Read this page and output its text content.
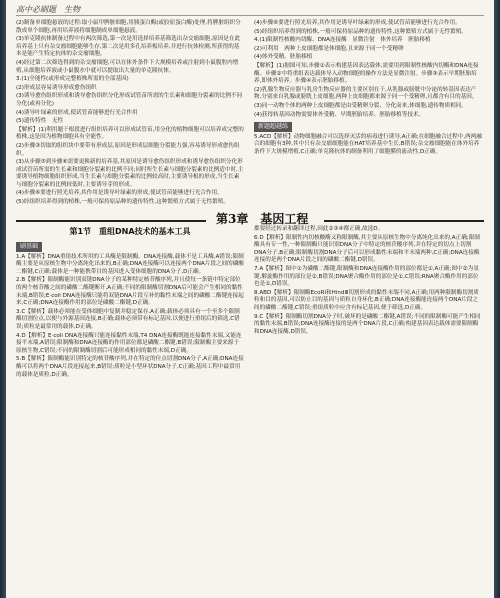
高中必刷题　生物

(2)制备单细胞悬液的过程:取小鼠甲脾脏细胞,用胰蛋白酶(或胶原蛋白酶)处理,将脾脏组织分散成单个细胞,再用培养液将细胞制成单细胞悬液。

(3)单克隆抗体制备过程中有两次筛选,第一次是用选择培养基筛选出杂交瘤细胞,原因是在此培养基上只有杂交瘤细胞能够生存,第二次是用多孔培养板培养,并进行抗体检测,所获得的基本是能产生特定抗体的杂交瘤细胞。

(4)经过第二次筛选得到的杂交瘤细胞,可以在体外条件下大规模培养或注射到小鼠腹腔内增殖,从细胞培养液或小鼠腹水中就可以提取出大量的单克隆抗体。

3.(1)全能性(或形成完整植株所需的全部基因)

(2)形成层容易诱导形成愈伤组织

(3)诱导愈伤组织形成和诱导愈伤组织分化形成试管苗所需的生长素和细胞分裂素的比例不同　分化(或再分化)

(4)诱导叶绿素的形成,使试管苗能够进行光合作用

(5)遗传特性　无性

【解析】(1)利用题干根段进行组织培养可以形成试管苗,用分化的植物细胞可以培养成完整的植株,这是因为植物细胞具有全能性。

(2)步骤③切取的组织块中要带有形成层,原因是形成层细胞分裂能力强,容易诱导形成愈伤组织。

(3)从步骤⑤到步骤⑥需要更换新的培养基,其原因是诱导愈伤组织形成和诱导愈伤组织分化形成试管苗所需的生长素和细胞分裂素的比例不同;同时所生长素与细胞分裂素的比例适中时,主要诱导植物细胞组织形成,当生长素与细胞分裂素的比例较高时,主要诱导根的形成,当生长素与细胞分裂素的比例较低时,主要诱导芽的形成。

(4)步骤⑥要进行照光培养,其作用是诱导叶绿素的形成,使试管苗能够进行光合作用。

(5)经组织培养得到的植株,一般可保持原品种的遗传特性,这种繁殖方式属于无性繁殖。

(4)步骤⑥要进行照光培养,其作用是诱导叶绿素的形成,使试管苗能够进行光合作用。

(5)经组织培养得到的植株,一般可保持原品种的遗传特性,这种繁殖方式属于无性繁殖。

4.(1)限制性核酸内切酶、DNA连接酶　显微注射　体外培养　胚胎移植

(2)可利用　两种上皮细胞都是体细胞,且来源于同一个受精卵

(4)体外受精、胚胎移植

【解析】(1)据图可知,步骤①表示构建基因表达载体,需要用到限制性核酸内切酶和DNA连接酶。步骤②中将重组表达载体导入动物细胞的操作方法是显微注射。步骤③表示早期胚胎培养,即体外培养。步骤④表示胚胎移植。

(2)乳腺生物反应器与乳房生物反应器的主要区别在于,从乳腺或膀胱中分泌的转基因表达产物,分别来自乳腺或膀胱上皮细胞,两种上皮细胞都来源于同一个受精卵,且都含有目的基因。

(3)同一动物个体的两种上皮细胞都是由受精卵分裂、分化而来,体细胞,遗传物质相同。

(4)获得转基因动物需要体外受精、早期胚胎培养、胚胎移植等技术。

新题超越练

5.ACD【解析】动物细胞融合可以选择灭活的病毒进行诱导,A正确;在细胞融合过程中,两两融合的细胞有3种,其中只有杂交瘤细胞能在HAT培养基中生长,B错误;杂交瘤细胞能在体外培养条件下大规模增殖,C正确;单克隆抗体的制备利用了细胞膜的流动性,D正确。

第3章　基因工程
第1节　重组DNA技术的基本工具
刷基础

1.A【解析】DNA重组技术所用的工具酶是限制酶、DNA连接酶,载体不是工具酶,A错误;限制酶主要是从原核生物中分离纯化出来的,B正确;DNA连接酶可以连接两个DNA片段之间的磷酸二酯键,C正确;载体是一种能携带目的基因进入受体细胞的DNA分子,D正确。

2.B【解析】限制酶能识别双链DNA分子的某种特定核苷酸序列,并且使每一条链中特定部位的两个核苷酸之间的磷酸二酯键断开,A正确;不同的限制酶切割DNA后可能会产生相同的黏性末端,B错误;E·coli DNA连接酶只能将双链DNA片段互补的黏性末端之间的磷酸二酯键连接起来,C正确;DNA连接酶作用的部位是磷酸二酯键,D正确。

3.C【解析】载体必须能在受体细胞中复制并稳定保存,A正确;载体必须具有一个至多个限制酶切割位点,以便与外源基因连接,B正确;载体必须带有标记基因,以便进行重组后的筛选,C错误;质粒是最常用的载体,D正确。

4.D【解析】E·coli DNA连接酶只能连接黏性末端,T4 DNA连接酶既能连接黏性末端,又能连接平末端,A错误;限制酶和DNA连接酶的作用部位都是磷酸二酯键,B错误;限制酶主要来源于原核生物,C错误;不同的限制酶切割后可能形成相同的黏性末端,D正确。

5.B【解析】限制酶能识别特定的核苷酸序列,并在特定的位点切割DNA分子,A正确;DNA连接酶可以将两个DNA片段连接起来,B错误;质粒是小型环状DNA分子,C正确;基因工程中最常用的载体是质粒,D正确。

都要经过转录和翻译过程,因此②③④都正确,故选D。

6.D【解析】限制性内切核酸酶又称限制酶,其主要从原核生物中分离纯化出来的,A正确;限制酶具有专一性,一种限制酶只能识别DNA分子中特定的核苷酸序列,并在特定的切点上切割DNA分子,B正确;限制酶切割DNA分子后可以形成黏性末端和平末端两种,C正确;DNA连接酶连接的是两个DNA片段之间的磷酸二酯键,D错误。

7.A【解析】图中①为磷酸二酯键,限制酶和DNA连接酶作用的部位都是①,A正确;图中②为氢键,解旋酶作用的部位是②,B错误;DNA聚合酶作用的部位是①,C错误;RNA聚合酶作用的部位也是①,D错误。

8.ABD【解析】限制酶EcoRⅠ和HindⅢ切割形成的黏性末端不同,A正确;用两种限制酶切割质粒和目的基因,可以防止目的基因与质粒自身环化,B正确;DNA连接酶能连接两个DNA片段之间的磷酸二酯键,C错误;重组质粒中应含有标记基因,便于筛选,D正确。

9.C【解析】限制酶切割DNA分子时,破坏的是磷酸二酯键,A错误;不同的限制酶可能产生相同的黏性末端,B错误;DNA连接酶连接的是两个DNA片段,C正确;构建基因表达载体需要限制酶和DNA连接酶,D错误。
